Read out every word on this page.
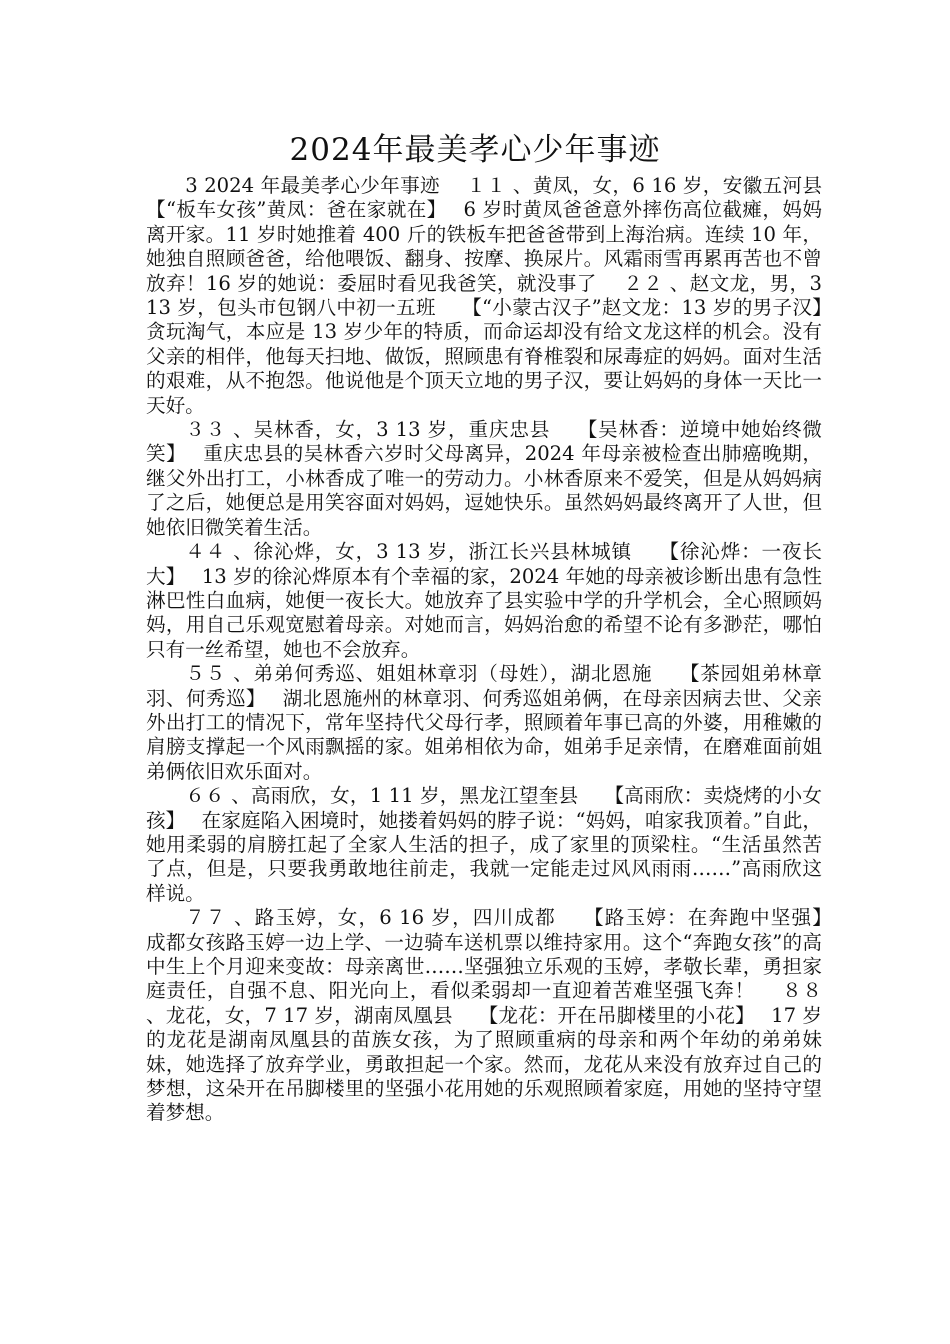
2024年最美孝心少年事迹

3 2024 年最美孝心少年事迹　 １１ 、黄凤，女，6 16 岁，安徽五河县　 【“板车女孩”黄凤：爸在家就在】　 6 岁时黄凤爸爸意外摔伤高位截瘫，妈妈离开家。11 岁时她推着 400 斤的铁板车把爸爸带到上海治病。连续 10 年，她独自照顾爸爸，给他喂饭、翻身、按摩、换尿片。风霜雨雪再累再苦也不曾放弃！16 岁的她说：委屈时看见我爸笑，就没事了　 ２２ 、赵文龙，男，3 13 岁，包头市包钢八中初一五班　 【“小蒙古汉子”赵文龙：13 岁的男子汉】　 贪玩淘气，本应是 13 岁少年的特质，而命运却没有给文龙这样的机会。没有父亲的相伴，他每天扫地、做饭，照顾患有脊椎裂和尿毒症的妈妈。面对生活的艰难，从不抱怨。他说他是个顶天立地的男子汉，要让妈妈的身体一天比一天好。

３３ 、吴林香，女，3 13 岁，重庆忠县　 【吴林香：逆境中她始终微笑】　 重庆忠县的吴林香六岁时父母离异，2024 年母亲被检查出肺癌晚期，继父外出打工，小林香成了唯一的劳动力。小林香原来不爱笑，但是从妈妈病了之后，她便总是用笑容面对妈妈，逗她快乐。虽然妈妈最终离开了人世，但她依旧微笑着生活。

４４ 、徐沁烨，女，3 13 岁，浙江长兴县林城镇　 【徐沁烨：一夜长大】　 13 岁的徐沁烨原本有个幸福的家，2024 年她的母亲被诊断出患有急性淋巴性白血病，她便一夜长大。她放弃了县实验中学的升学机会，全心照顾妈妈，用自己乐观宽慰着母亲。对她而言，妈妈治愈的希望不论有多渺茫，哪怕只有一丝希望，她也不会放弃。

５５ 、弟弟何秀巡、姐姐林章羽（母姓），湖北恩施　 【茶园姐弟林章羽、何秀巡】　 湖北恩施州的林章羽、何秀巡姐弟俩，在母亲因病去世、父亲外出打工的情况下，常年坚持代父母行孝，照顾着年事已高的外婆，用稚嫩的肩膀支撑起一个风雨飘摇的家。姐弟相依为命，姐弟手足亲情，在磨难面前姐弟俩依旧欢乐面对。

６６ 、高雨欣，女，1 11 岁，黑龙江望奎县　 【高雨欣：卖烧烤的小女孩】　 在家庭陷入困境时，她搂着妈妈的脖子说：“妈妈，咱家我顶着。”自此，她用柔弱的肩膀扛起了全家人生活的担子，成了家里的顶梁柱。“生活虽然苦了点，但是，只要我勇敢地往前走，我就一定能走过风风雨雨……”高雨欣这样说。

７７ 、路玉婷，女，6 16 岁，四川成都　 【路玉婷：在奔跑中坚强】　 成都女孩路玉婷一边上学、一边骑车送机票以维持家用。这个“奔跑女孩”的高中生上个月迎来变故：母亲离世……坚强独立乐观的玉婷，孝敬长辈，勇担家庭责任，自强不息、阳光向上，看似柔弱却一直迎着苦难坚强飞奔！　 ８８ 、龙花，女，7 17 岁，湖南凤凰县　 【龙花：开在吊脚楼里的小花】　 17 岁的龙花是湖南凤凰县的苗族女孩，为了照顾重病的母亲和两个年幼的弟弟妹妹，她选择了放弃学业，勇敢担起一个家。然而，龙花从来没有放弃过自己的梦想，这朵开在吊脚楼里的坚强小花用她的乐观照顾着家庭，用她的坚持守望着梦想。
